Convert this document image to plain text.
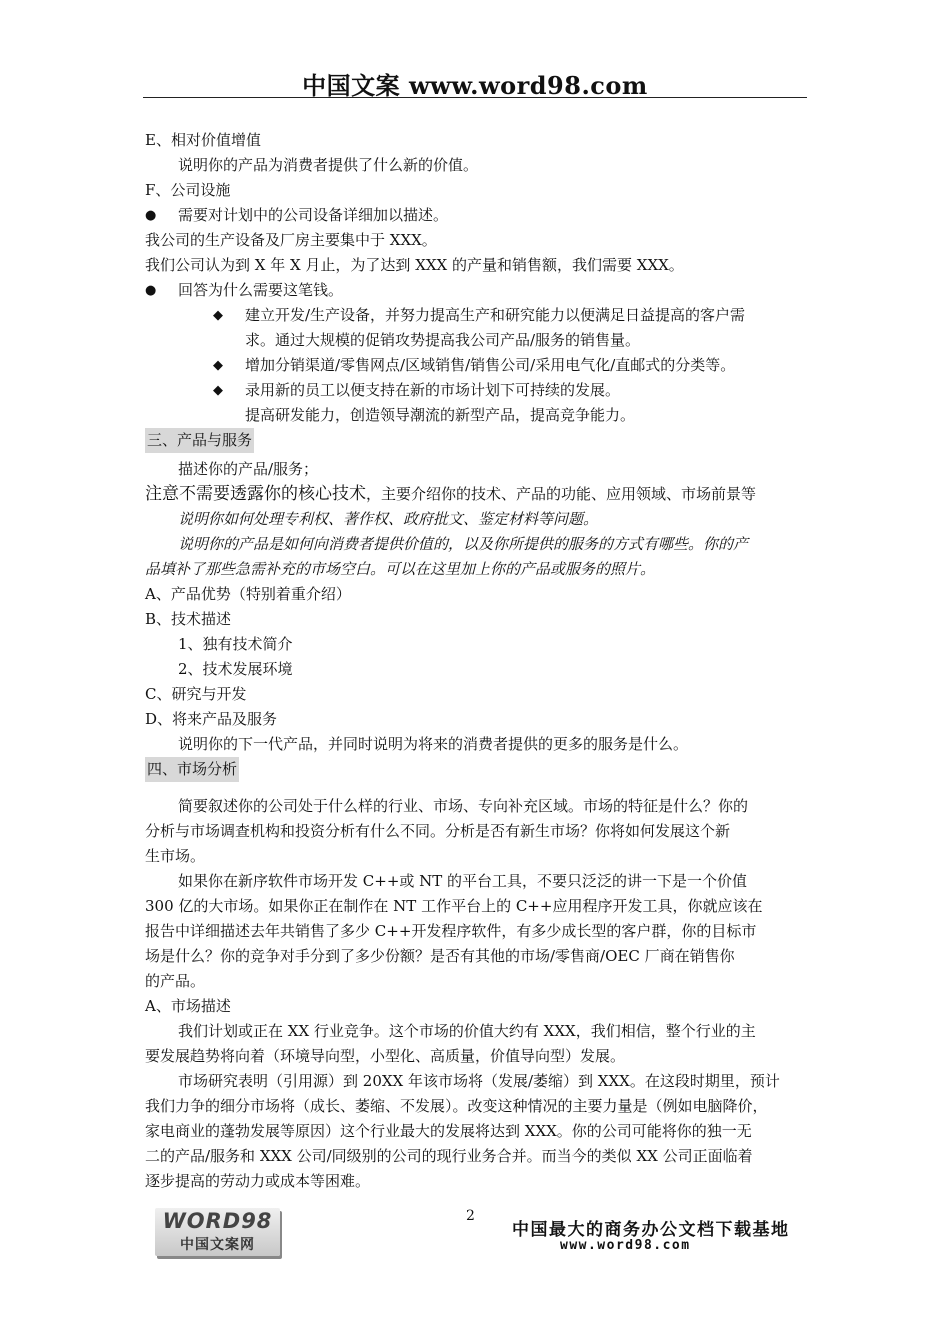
中国文案 www.word98.com
E、相对价值增值
说明你的产品为消费者提供了什么新的价值。
F、公司设施
● 需要对计划中的公司设备详细加以描述。
我公司的生产设备及厂房主要集中于 XXX。
我们公司认为到 X 年 X 月止，为了达到 XXX 的产量和销售额，我们需要 XXX。
● 回答为什么需要这笔钱。
◆ 建立开发/生产设备，并努力提高生产和研究能力以便满足日益提高的客户需
求。通过大规模的促销攻势提高我公司产品/服务的销售量。
◆ 增加分销渠道/零售网点/区域销售/销售公司/采用电气化/直邮式的分类等。
◆ 录用新的员工以便支持在新的市场计划下可持续的发展。
提高研发能力，创造领导潮流的新型产品，提高竞争能力。
三、产品与服务
描述你的产品/服务；
注意不需要透露你的核心技术，主要介绍你的技术、产品的功能、应用领域、市场前景等
说明你如何处理专利权、著作权、政府批文、鉴定材料等问题。
说明你的产品是如何向消费者提供价值的，以及你所提供的服务的方式有哪些。你的产
品填补了那些急需补充的市场空白。可以在这里加上你的产品或服务的照片。
A、产品优势（特别着重介绍）
B、技术描述
1、独有技术简介
2、技术发展环境
C、研究与开发
D、将来产品及服务
说明你的下一代产品，并同时说明为将来的消费者提供的更多的服务是什么。
四、市场分析
简要叙述你的公司处于什么样的行业、市场、专向补充区域。市场的特征是什么？你的
分析与市场调查机构和投资分析有什么不同。分析是否有新生市场？你将如何发展这个新
生市场。
如果你在新序软件市场开发 C++或 NT 的平台工具，不要只泛泛的讲一下是一个价值
300 亿的大市场。如果你正在制作在 NT 工作平台上的 C++应用程序开发工具，你就应该在
报告中详细描述去年共销售了多少 C++开发程序软件，有多少成长型的客户群，你的目标市
场是什么？你的竞争对手分到了多少份额？是否有其他的市场/零售商/OEC 厂商在销售你
的产品。
A、市场描述
我们计划或正在 XX 行业竞争。这个市场的价值大约有 XXX，我们相信，整个行业的主
要发展趋势将向着（环境导向型，小型化、高质量，价值导向型）发展。
市场研究表明（引用源）到 20XX 年该市场将（发展/萎缩）到 XXX。在这段时期里，预计
我们力争的细分市场将（成长、萎缩、不发展）。改变这种情况的主要力量是（例如电脑降价，
家电商业的蓬勃发展等原因）这个行业最大的发展将达到 XXX。你的公司可能将你的独一无
二的产品/服务和 XXX 公司/同级别的公司的现行业务合并。而当今的类似 XX 公司正面临着
逐步提高的劳动力或成本等困难。
WORD98
中国文案网
2
中国最大的商务办公文档下载基地
www.word98.com
